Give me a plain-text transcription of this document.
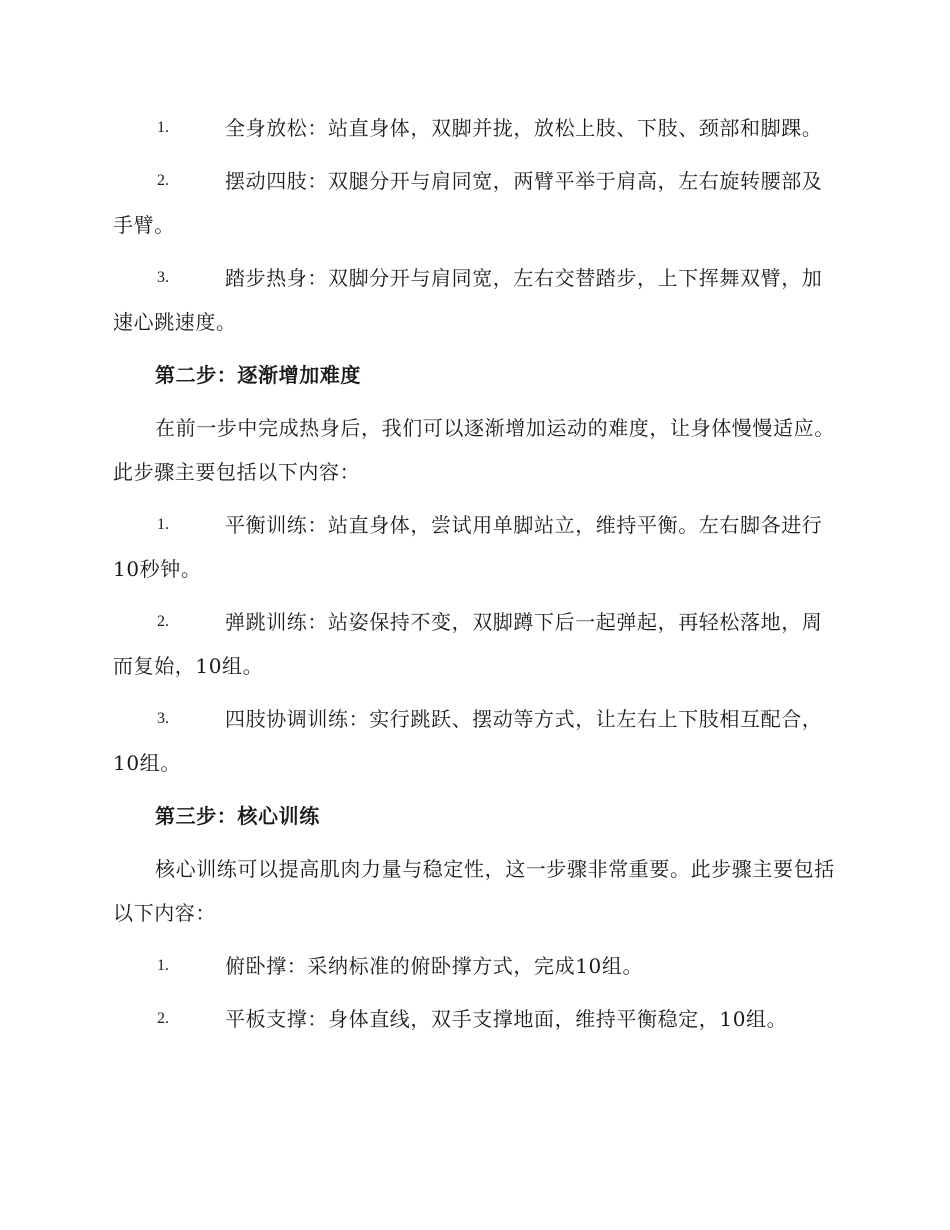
1.	全身放松：站直身体，双脚并拢，放松上肢、下肢、颈部和脚踝。
2.	摆动四肢：双腿分开与肩同宽，两臂平举于肩高，左右旋转腰部及手臂。
3.	踏步热身：双脚分开与肩同宽，左右交替踏步，上下挥舞双臂，加速心跳速度。
第二步：逐渐增加难度
在前一步中完成热身后，我们可以逐渐增加运动的难度，让身体慢慢适应。此步骤主要包括以下内容：
1.	平衡训练：站直身体，尝试用单脚站立，维持平衡。左右脚各进行10秒钟。
2.	弹跳训练：站姿保持不变，双脚蹲下后一起弹起，再轻松落地，周而复始，10组。
3.	四肢协调训练：实行跳跃、摆动等方式，让左右上下肢相互配合，10组。
第三步：核心训练
核心训练可以提高肌肉力量与稳定性，这一步骤非常重要。此步骤主要包括以下内容：
1.	俯卧撑：采纳标准的俯卧撑方式，完成10组。
2.	平板支撑：身体直线，双手支撑地面，维持平衡稳定，10组。
